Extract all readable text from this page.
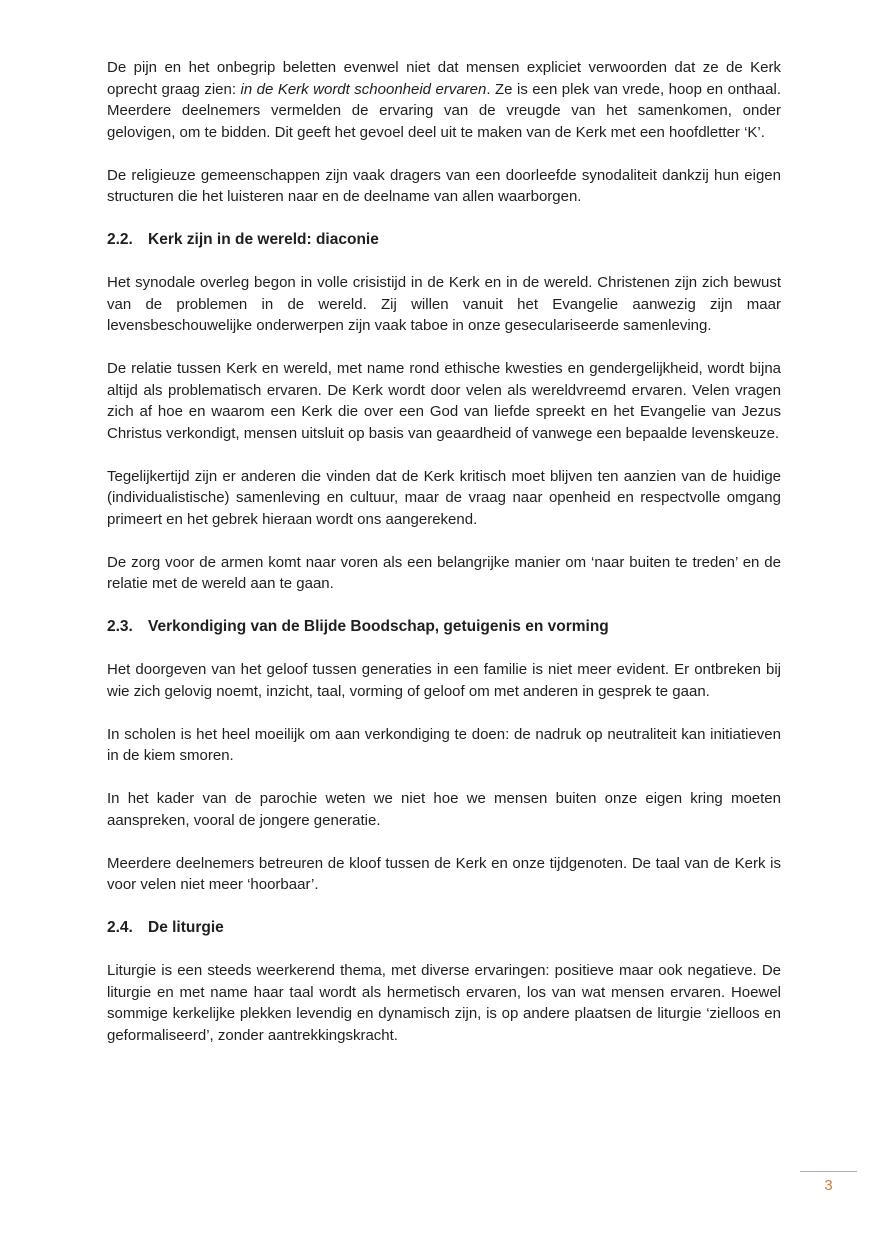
De pijn en het onbegrip beletten evenwel niet dat mensen expliciet verwoorden dat ze de Kerk oprecht graag zien: in de Kerk wordt schoonheid ervaren. Ze is een plek van vrede, hoop en onthaal. Meerdere deelnemers vermelden de ervaring van de vreugde van het samenkomen, onder gelovigen, om te bidden. Dit geeft het gevoel deel uit te maken van de Kerk met een hoofdletter ‘K’.

De religieuze gemeenschappen zijn vaak dragers van een doorleefde synodaliteit dankzij hun eigen structuren die het luisteren naar en de deelname van allen waarborgen.

2.2. Kerk zijn in de wereld: diaconie

Het synodale overleg begon in volle crisistijd in de Kerk en in de wereld. Christenen zijn zich bewust van de problemen in de wereld. Zij willen vanuit het Evangelie aanwezig zijn maar levensbeschouwelijke onderwerpen zijn vaak taboe in onze geseculariseerde samenleving.

De relatie tussen Kerk en wereld, met name rond ethische kwesties en gendergelijkheid, wordt bijna altijd als problematisch ervaren. De Kerk wordt door velen als wereldvreemd ervaren. Velen vragen zich af hoe en waarom een Kerk die over een God van liefde spreekt en het Evangelie van Jezus Christus verkondigt, mensen uitsluit op basis van geaardheid of vanwege een bepaalde levenskeuze.

Tegelijkertijd zijn er anderen die vinden dat de Kerk kritisch moet blijven ten aanzien van de huidige (individualistische) samenleving en cultuur, maar de vraag naar openheid en respectvolle omgang primeert en het gebrek hieraan wordt ons aangerekend.

De zorg voor de armen komt naar voren als een belangrijke manier om ‘naar buiten te treden’ en de relatie met de wereld aan te gaan.

2.3. Verkondiging van de Blijde Boodschap, getuigenis en vorming

Het doorgeven van het geloof tussen generaties in een familie is niet meer evident. Er ontbreken bij wie zich gelovig noemt, inzicht, taal, vorming of geloof om met anderen in gesprek te gaan.

In scholen is het heel moeilijk om aan verkondiging te doen: de nadruk op neutraliteit kan initiatieven in de kiem smoren.

In het kader van de parochie weten we niet hoe we mensen buiten onze eigen kring moeten aanspreken, vooral de jongere generatie.

Meerdere deelnemers betreuren de kloof tussen de Kerk en onze tijdgenoten. De taal van de Kerk is voor velen niet meer ‘hoorbaar’.

2.4. De liturgie

Liturgie is een steeds weerkerend thema, met diverse ervaringen: positieve maar ook negatieve. De liturgie en met name haar taal wordt als hermetisch ervaren, los van wat mensen ervaren. Hoewel sommige kerkelijke plekken levendig en dynamisch zijn, is op andere plaatsen de liturgie ‘zielloos en geformaliseerd’, zonder aantrekkingskracht.

3
